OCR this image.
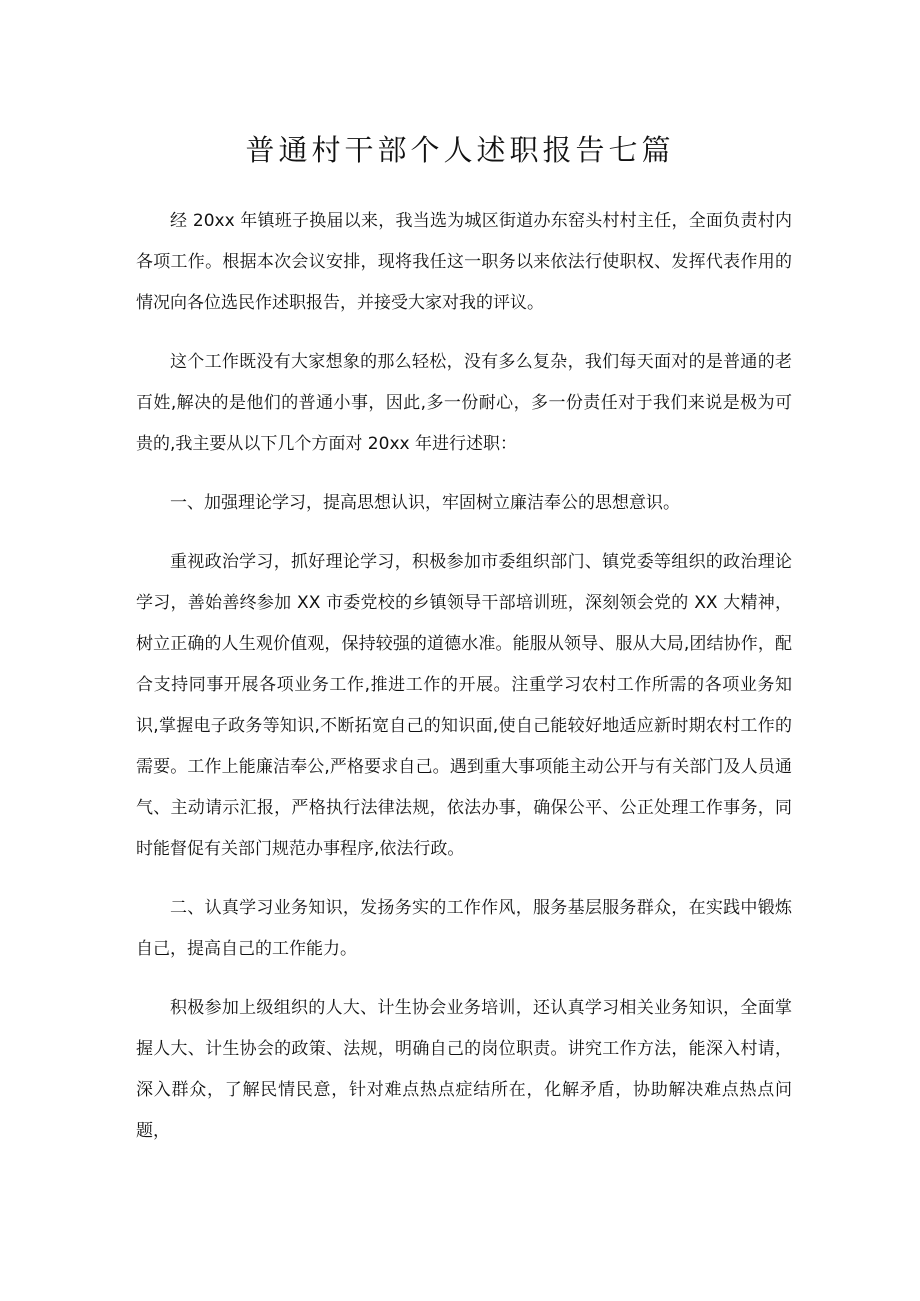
普通村干部个人述职报告七篇

经 20xx 年镇班子换届以来，我当选为城区街道办东窑头村村主任，全面负责村内各项工作。根据本次会议安排，现将我任这一职务以来依法行使职权、发挥代表作用的情况向各位选民作述职报告，并接受大家对我的评议。

这个工作既没有大家想象的那么轻松，没有多么复杂，我们每天面对的是普通的老百姓,解决的是他们的普通小事，因此,多一份耐心，多一份责任对于我们来说是极为可贵的,我主要从以下几个方面对 20xx 年进行述职：

一、加强理论学习，提高思想认识，牢固树立廉洁奉公的思想意识。

重视政治学习，抓好理论学习，积极参加市委组织部门、镇党委等组织的政治理论学习，善始善终参加 XX 市委党校的乡镇领导干部培训班，深刻领会党的 XX 大精神，树立正确的人生观价值观，保持较强的道德水准。能服从领导、服从大局,团结协作，配合支持同事开展各项业务工作,推进工作的开展。注重学习农村工作所需的各项业务知识,掌握电子政务等知识,不断拓宽自己的知识面,使自己能较好地适应新时期农村工作的需要。工作上能廉洁奉公,严格要求自己。遇到重大事项能主动公开与有关部门及人员通气、主动请示汇报，严格执行法律法规，依法办事，确保公平、公正处理工作事务，同时能督促有关部门规范办事程序,依法行政。

二、认真学习业务知识，发扬务实的工作作风，服务基层服务群众，在实践中锻炼自己，提高自己的工作能力。

积极参加上级组织的人大、计生协会业务培训，还认真学习相关业务知识，全面掌握人大、计生协会的政策、法规，明确自己的岗位职责。讲究工作方法，能深入村请，深入群众，了解民情民意，针对难点热点症结所在，化解矛盾，协助解决难点热点问题，
